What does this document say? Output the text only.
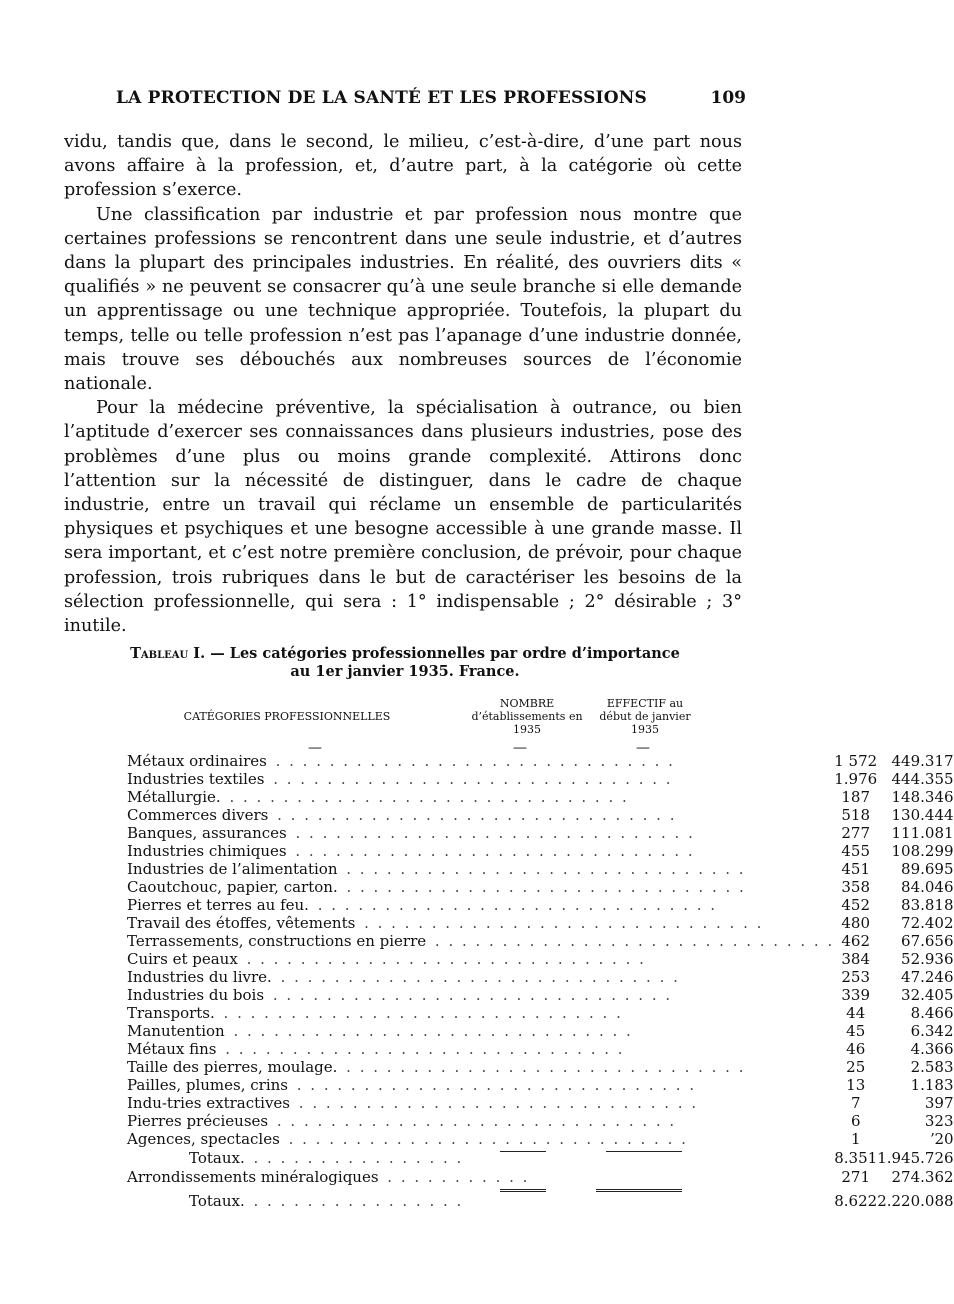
LA PROTECTION DE LA SANTÉ ET LES PROFESSIONS	109

vidu, tandis que, dans le second, le milieu, c’est-à-dire, d’une part nous avons affaire à la profession, et, d’autre part, à la catégorie où cette profession s’exerce.

Une classification par industrie et par profession nous montre que certaines professions se rencontrent dans une seule industrie, et d’autres dans la plupart des principales industries. En réalité, des ouvriers dits « qualifiés » ne peuvent se consacrer qu’à une seule branche si elle demande un apprentissage ou une technique appropriée. Toutefois, la plupart du temps, telle ou telle profession n’est pas l’apanage d’une industrie donnée, mais trouve ses débouchés aux nombreuses sources de l’économie nationale.

Pour la médecine préventive, la spécialisation à outrance, ou bien l’aptitude d’exercer ses connaissances dans plusieurs industries, pose des problèmes d’une plus ou moins grande complexité. Attirons donc l’attention sur la nécessité de distinguer, dans le cadre de chaque industrie, entre un travail qui réclame un ensemble de particularités physiques et psychiques et une besogne accessible à une grande masse. Il sera important, et c’est notre première conclusion, de prévoir, pour chaque profession, trois rubriques dans le but de caractériser les besoins de la sélection professionnelle, qui sera : 1° indispensable ; 2° désirable ; 3° inutile.

Tableau I. — Les catégories professionnelles par ordre d’importance au 1er janvier 1935. France.
CATÉGORIES PROFESSIONNELLES
NOMBRE d’établissements en 1935
EFFECTIF au début de janvier 1935
—	—	—
Métaux ordinaires . . . . . . . . . . . . . . . . . . . . . . . . . . . . . .	1 572	449.317
Industries textiles . . . . . . . . . . . . . . . . . . . . . . . . . . . . . .	1.976	444.355
Métallurgie. . . . . . . . . . . . . . . . . . . . . . . . . . . . . . .	187	148.346
Commerces divers . . . . . . . . . . . . . . . . . . . . . . . . . . . . . .	518	130.444
Banques, assurances . . . . . . . . . . . . . . . . . . . . . . . . . . . . . .	277	111.081
Industries chimiques . . . . . . . . . . . . . . . . . . . . . . . . . . . . . .	455	108.299
Industries de l’alimentation . . . . . . . . . . . . . . . . . . . . . . . . . . . . . .	451	89.695
Caoutchouc, papier, carton. . . . . . . . . . . . . . . . . . . . . . . . . . . . . . .	358	84.046
Pierres et terres au feu. . . . . . . . . . . . . . . . . . . . . . . . . . . . . . .	452	83.818
Travail des étoffes, vêtements . . . . . . . . . . . . . . . . . . . . . . . . . . . . . .	480	72.402
Terrassements, constructions en pierre . . . . . . . . . . . . . . . . . . . . . . . . . . . . . .	462	67.656
Cuirs et peaux . . . . . . . . . . . . . . . . . . . . . . . . . . . . . .	384	52.936
Industries du livre. . . . . . . . . . . . . . . . . . . . . . . . . . . . . . .	253	47.246
Industries du bois . . . . . . . . . . . . . . . . . . . . . . . . . . . . . .	339	32.405
Transports. . . . . . . . . . . . . . . . . . . . . . . . . . . . . . .	44	8.466
Manutention . . . . . . . . . . . . . . . . . . . . . . . . . . . . . .	45	6.342
Métaux fins . . . . . . . . . . . . . . . . . . . . . . . . . . . . . .	46	4.366
Taille des pierres, moulage. . . . . . . . . . . . . . . . . . . . . . . . . . . . . . .	25	2.583
Pailles, plumes, crins . . . . . . . . . . . . . . . . . . . . . . . . . . . . . .	13	1.183
Indu-tries extractives . . . . . . . . . . . . . . . . . . . . . . . . . . . . . .	7	397
Pierres précieuses . . . . . . . . . . . . . . . . . . . . . . . . . . . . . .	6	323
Agences, spectacles . . . . . . . . . . . . . . . . . . . . . . . . . . . . . .	1	ʼ20
Totaux. . . . . . . . . . . . . . . . .	8.351	1.945.726
Arrondissements minéralogiques . . . . . . . . . . .	271	274.362
Totaux. . . . . . . . . . . . . . . . .	8.622	2.220.088
